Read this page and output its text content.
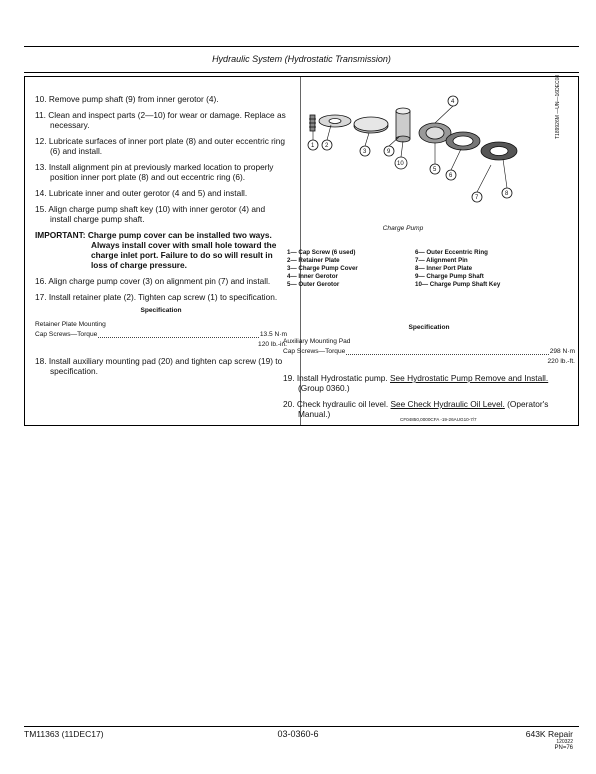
Hydraulic System (Hydrostatic Transmission)
10. Remove pump shaft (9) from inner gerotor (4).
11. Clean and inspect parts (2—10) for wear or damage. Replace as necessary.
12. Lubricate surfaces of inner port plate (8) and outer eccentric ring (6) and install.
13. Install alignment pin at previously marked location to properly position inner port plate (8) and out eccentric ring (6).
14. Lubricate inner and outer gerotor (4 and 5) and install.
15. Align charge pump shaft key (10) with inner gerotor (4) and install charge pump shaft.
IMPORTANT: Charge pump cover can be installed two ways. Always install cover with small hole toward the charge inlet port. Failure to do so will result in loss of charge pressure.
16. Align charge pump cover (3) on alignment pin (7) and install.
17. Install retainer plate (2). Tighten cap screw (1) to specification.
Specification
Retainer Plate Mounting
Cap Screws—Torque	13.5 N·m
120 lb.-in.
18. Install auxiliary mounting pad (20) and tighten cap screw (19) to specification.
1 2
3
4
5
6
7
8
9
10
T189926M —UN—16DEC08
Charge Pump
1— Cap Screw (6 used)
2— Retainer Plate
3— Charge Pump Cover
4— Inner Gerotor
5— Outer Gerotor
6— Outer Eccentric Ring
7— Alignment Pin
8— Inner Port Plate
9— Charge Pump Shaft
10— Charge Pump Shaft Key
Specification
Auxiliary Mounting Pad
Cap Screws—Torque	298 N·m
220 lb.-ft.
19. Install Hydrostatic pump. See Hydrostatic Pump Remove and Install. (Group 0360.)
20. Check hydraulic oil level. See Check Hydraulic Oil Level. (Operator's Manual.)
CF04850,0000CFA -19-26AUG10-7/7
TM11363 (11DEC17)	03-0360-6	643K Repair
120322
PN=76
